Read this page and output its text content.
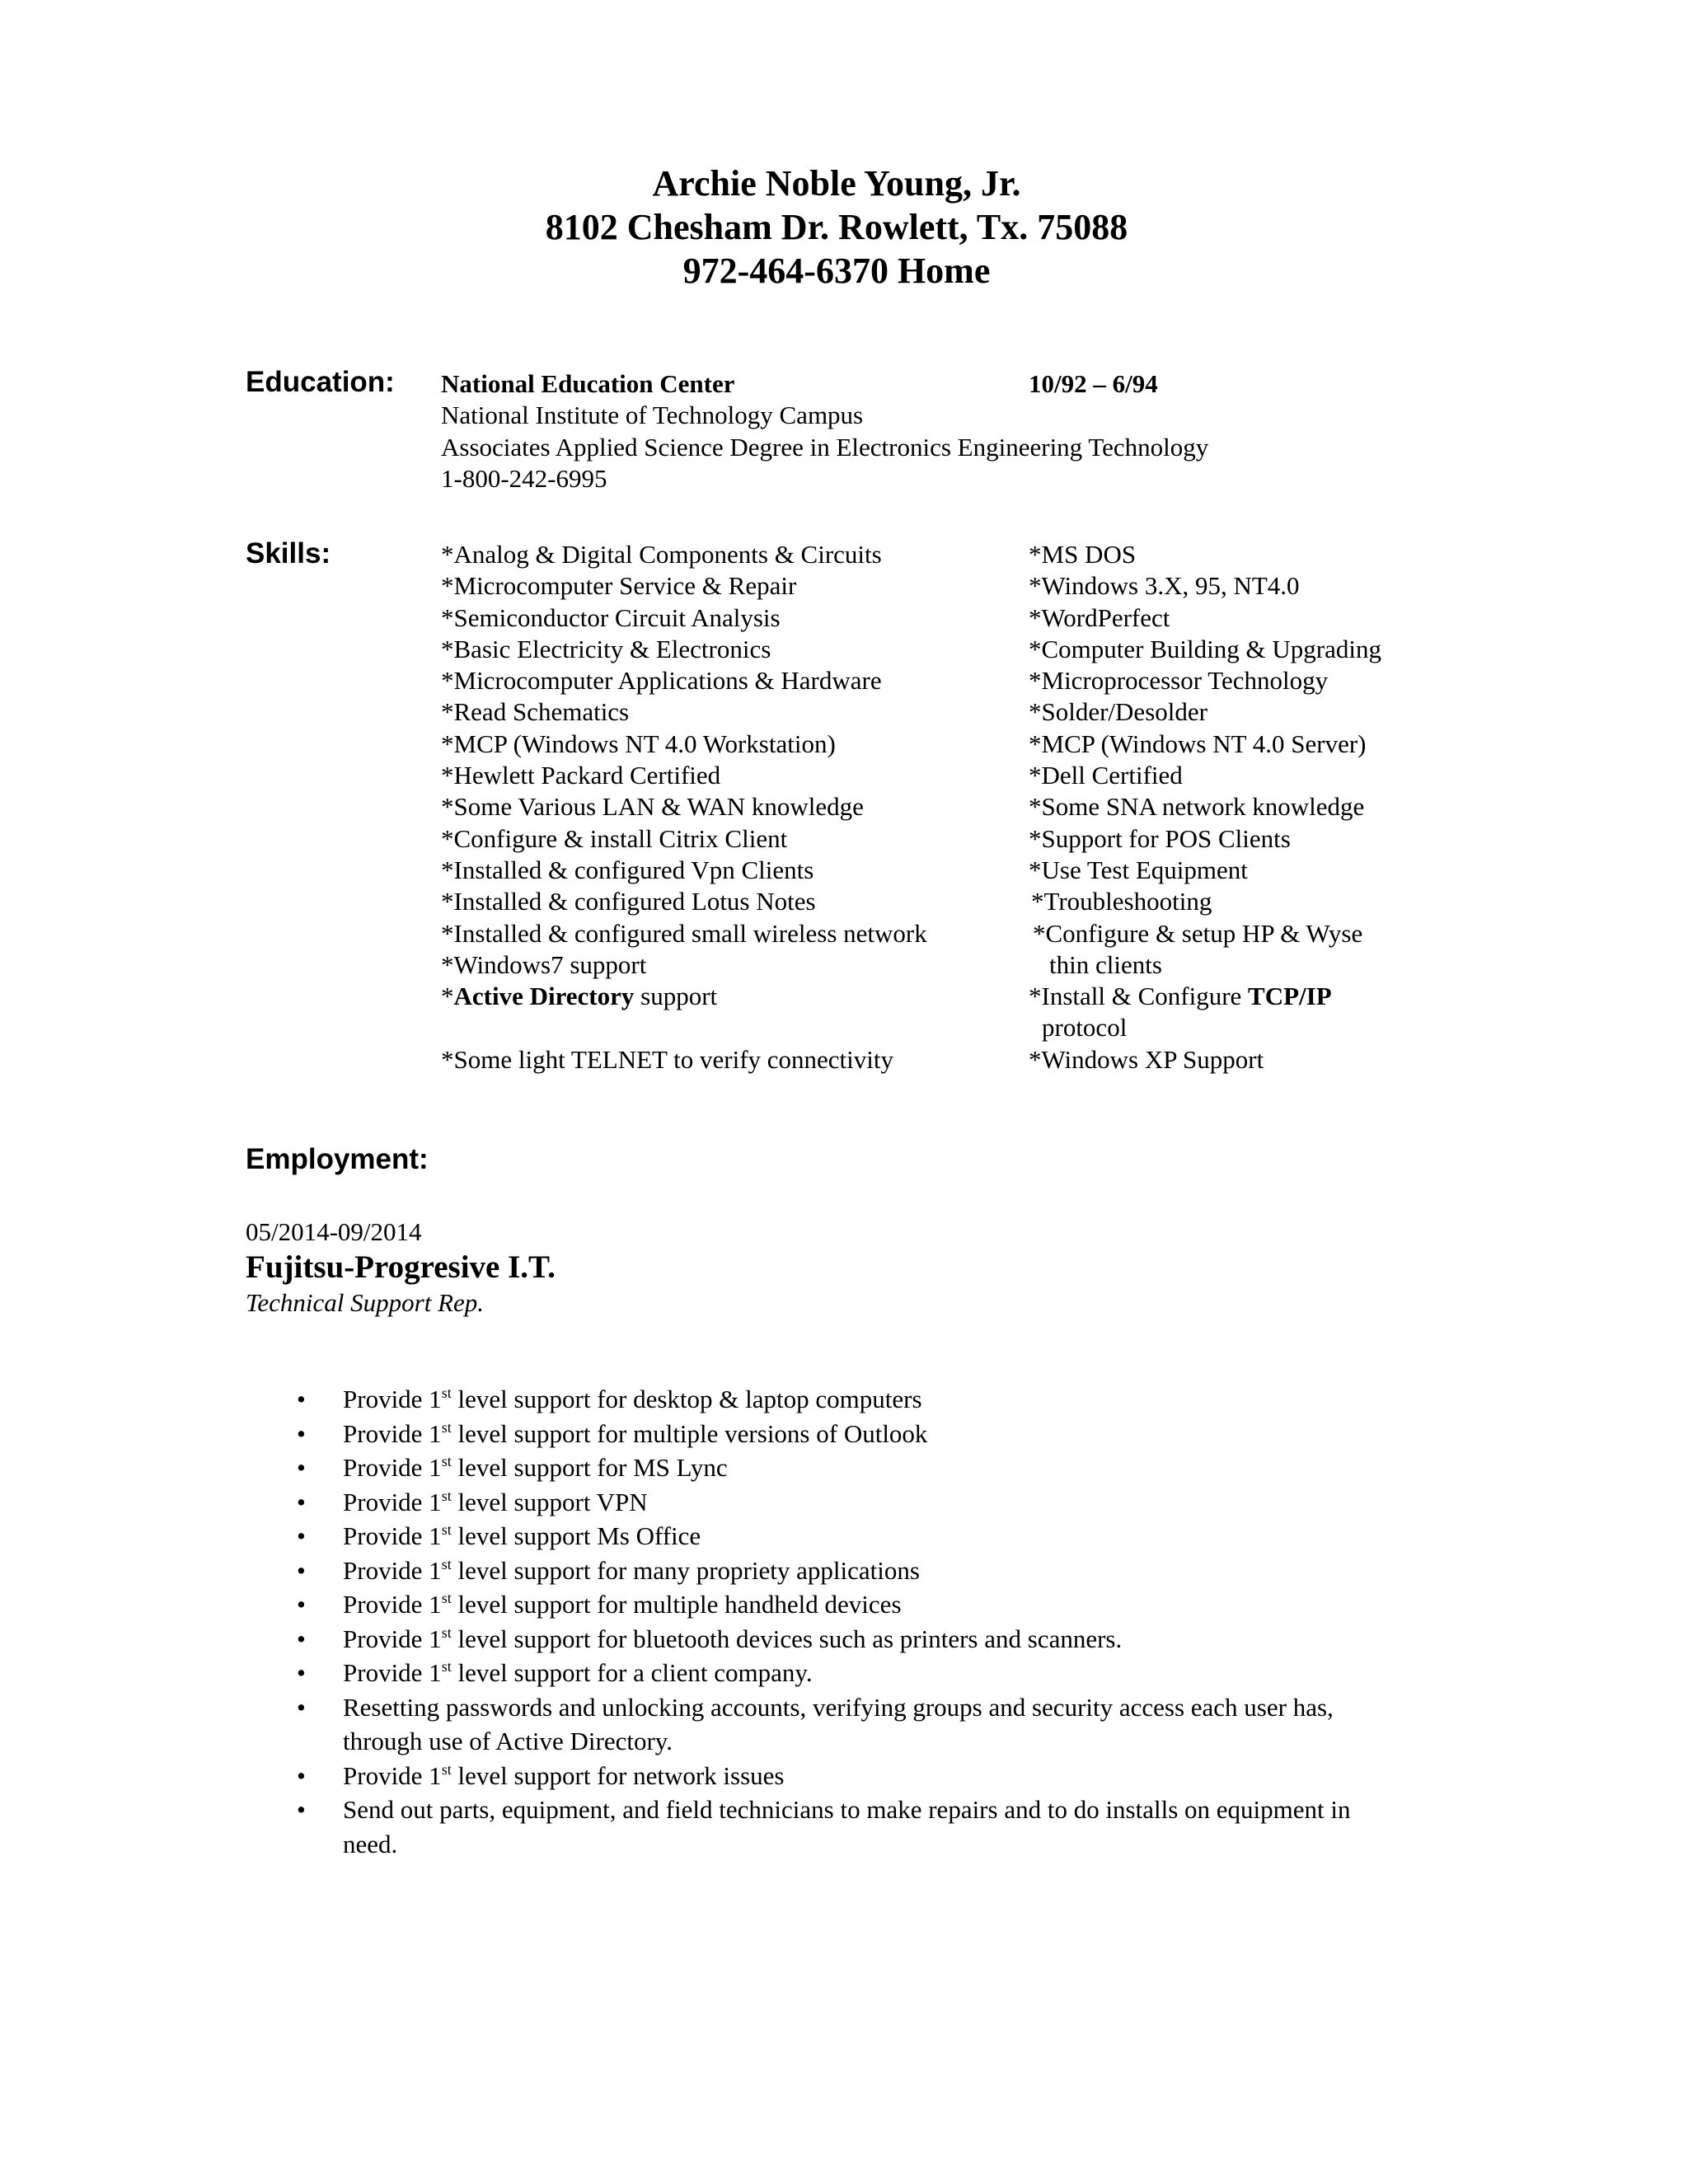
Archie Noble Young, Jr.
8102 Chesham Dr. Rowlett, Tx. 75088
972-464-6370 Home
Education: National Education Center
National Institute of Technology Campus
Associates Applied Science Degree in Electronics Engineering Technology
1-800-242-6995
10/92 – 6/94
Skills:	*Analog & Digital Components & Circuits
*Microcomputer Service & Repair
*Semiconductor Circuit Analysis
*Basic Electricity & Electronics
*Microcomputer Applications & Hardware
*Read Schematics
*MCP (Windows NT 4.0 Workstation)
*Hewlett Packard Certified
*Some Various LAN & WAN knowledge
*Configure & install Citrix Client
*Installed & configured Vpn Clients
*Installed & configured Lotus Notes
*Installed & configured small wireless network
*Windows7 support
*Active Directory support

*Some light TELNET to verify connectivity
*MS DOS
*Windows 3.X, 95, NT4.0
*WordPerfect
*Computer Building & Upgrading
*Microprocessor Technology
*Solder/Desolder
*MCP (Windows NT 4.0 Server)
*Dell Certified
*Some SNA network knowledge
*Support for POS Clients
*Use Test Equipment
*Troubleshooting
*Configure & setup HP & Wyse
thin clients
*Install & Configure TCP/IP
protocol
*Windows XP Support
Employment:
05/2014-09/2014
Fujitsu-Progresive I.T.
Technical Support Rep.
• Provide 1st level support for desktop & laptop computers
• Provide 1st level support for multiple versions of Outlook
• Provide 1st level support for MS Lync
• Provide 1st level support VPN
• Provide 1st level support Ms Office
• Provide 1st level support for many propriety applications
• Provide 1st level support for multiple handheld devices
• Provide 1st level support for bluetooth devices such as printers and scanners.
• Provide 1st level support for a client company.
• Resetting passwords and unlocking accounts, verifying groups and security access each user has,
through use of Active Directory.
• Provide 1st level support for network issues
• Send out parts, equipment, and field technicians to make repairs and to do installs on equipment in
need.
